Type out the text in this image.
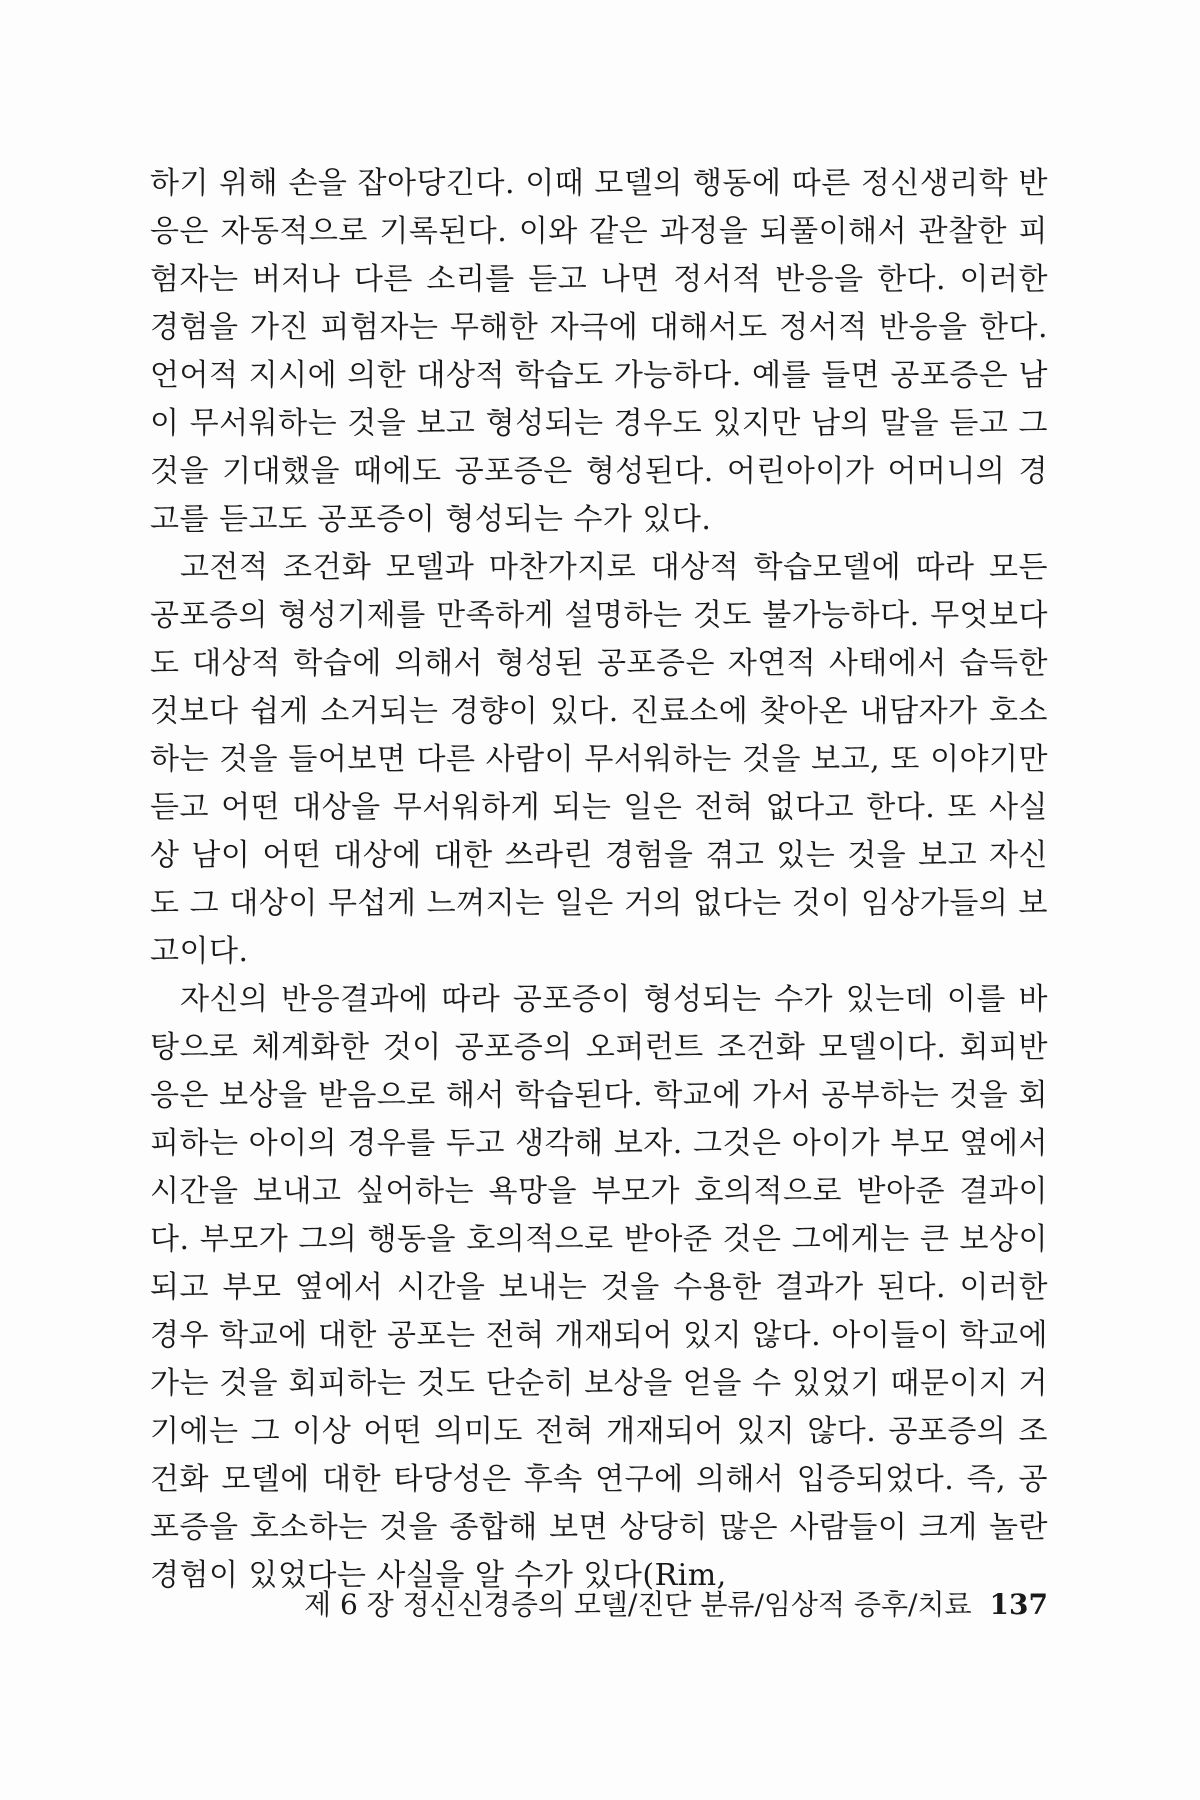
하기 위해 손을 잡아당긴다. 이때 모델의 행동에 따른 정신생리학 반응은 자동적으로 기록된다. 이와 같은 과정을 되풀이해서 관찰한 피험자는 버저나 다른 소리를 듣고 나면 정서적 반응을 한다. 이러한 경험을 가진 피험자는 무해한 자극에 대해서도 정서적 반응을 한다. 언어적 지시에 의한 대상적 학습도 가능하다. 예를 들면 공포증은 남이 무서워하는 것을 보고 형성되는 경우도 있지만 남의 말을 듣고 그것을 기대했을 때에도 공포증은 형성된다. 어린아이가 어머니의 경고를 듣고도 공포증이 형성되는 수가 있다.

고전적 조건화 모델과 마찬가지로 대상적 학습모델에 따라 모든 공포증의 형성기제를 만족하게 설명하는 것도 불가능하다. 무엇보다도 대상적 학습에 의해서 형성된 공포증은 자연적 사태에서 습득한 것보다 쉽게 소거되는 경향이 있다. 진료소에 찾아온 내담자가 호소하는 것을 들어보면 다른 사람이 무서워하는 것을 보고, 또 이야기만 듣고 어떤 대상을 무서워하게 되는 일은 전혀 없다고 한다. 또 사실상 남이 어떤 대상에 대한 쓰라린 경험을 겪고 있는 것을 보고 자신도 그 대상이 무섭게 느껴지는 일은 거의 없다는 것이 임상가들의 보고이다.

자신의 반응결과에 따라 공포증이 형성되는 수가 있는데 이를 바탕으로 체계화한 것이 공포증의 오퍼런트 조건화 모델이다. 회피반응은 보상을 받음으로 해서 학습된다. 학교에 가서 공부하는 것을 회피하는 아이의 경우를 두고 생각해 보자. 그것은 아이가 부모 옆에서 시간을 보내고 싶어하는 욕망을 부모가 호의적으로 받아준 결과이다. 부모가 그의 행동을 호의적으로 받아준 것은 그에게는 큰 보상이 되고 부모 옆에서 시간을 보내는 것을 수용한 결과가 된다. 이러한 경우 학교에 대한 공포는 전혀 개재되어 있지 않다. 아이들이 학교에 가는 것을 회피하는 것도 단순히 보상을 얻을 수 있었기 때문이지 거기에는 그 이상 어떤 의미도 전혀 개재되어 있지 않다. 공포증의 조건화 모델에 대한 타당성은 후속 연구에 의해서 입증되었다. 즉, 공포증을 호소하는 것을 종합해 보면 상당히 많은 사람들이 크게 놀란 경험이 있었다는 사실을 알 수가 있다(Rim,

제 6 장 정신신경증의 모델/진단 분류/임상적 증후/치료 137
